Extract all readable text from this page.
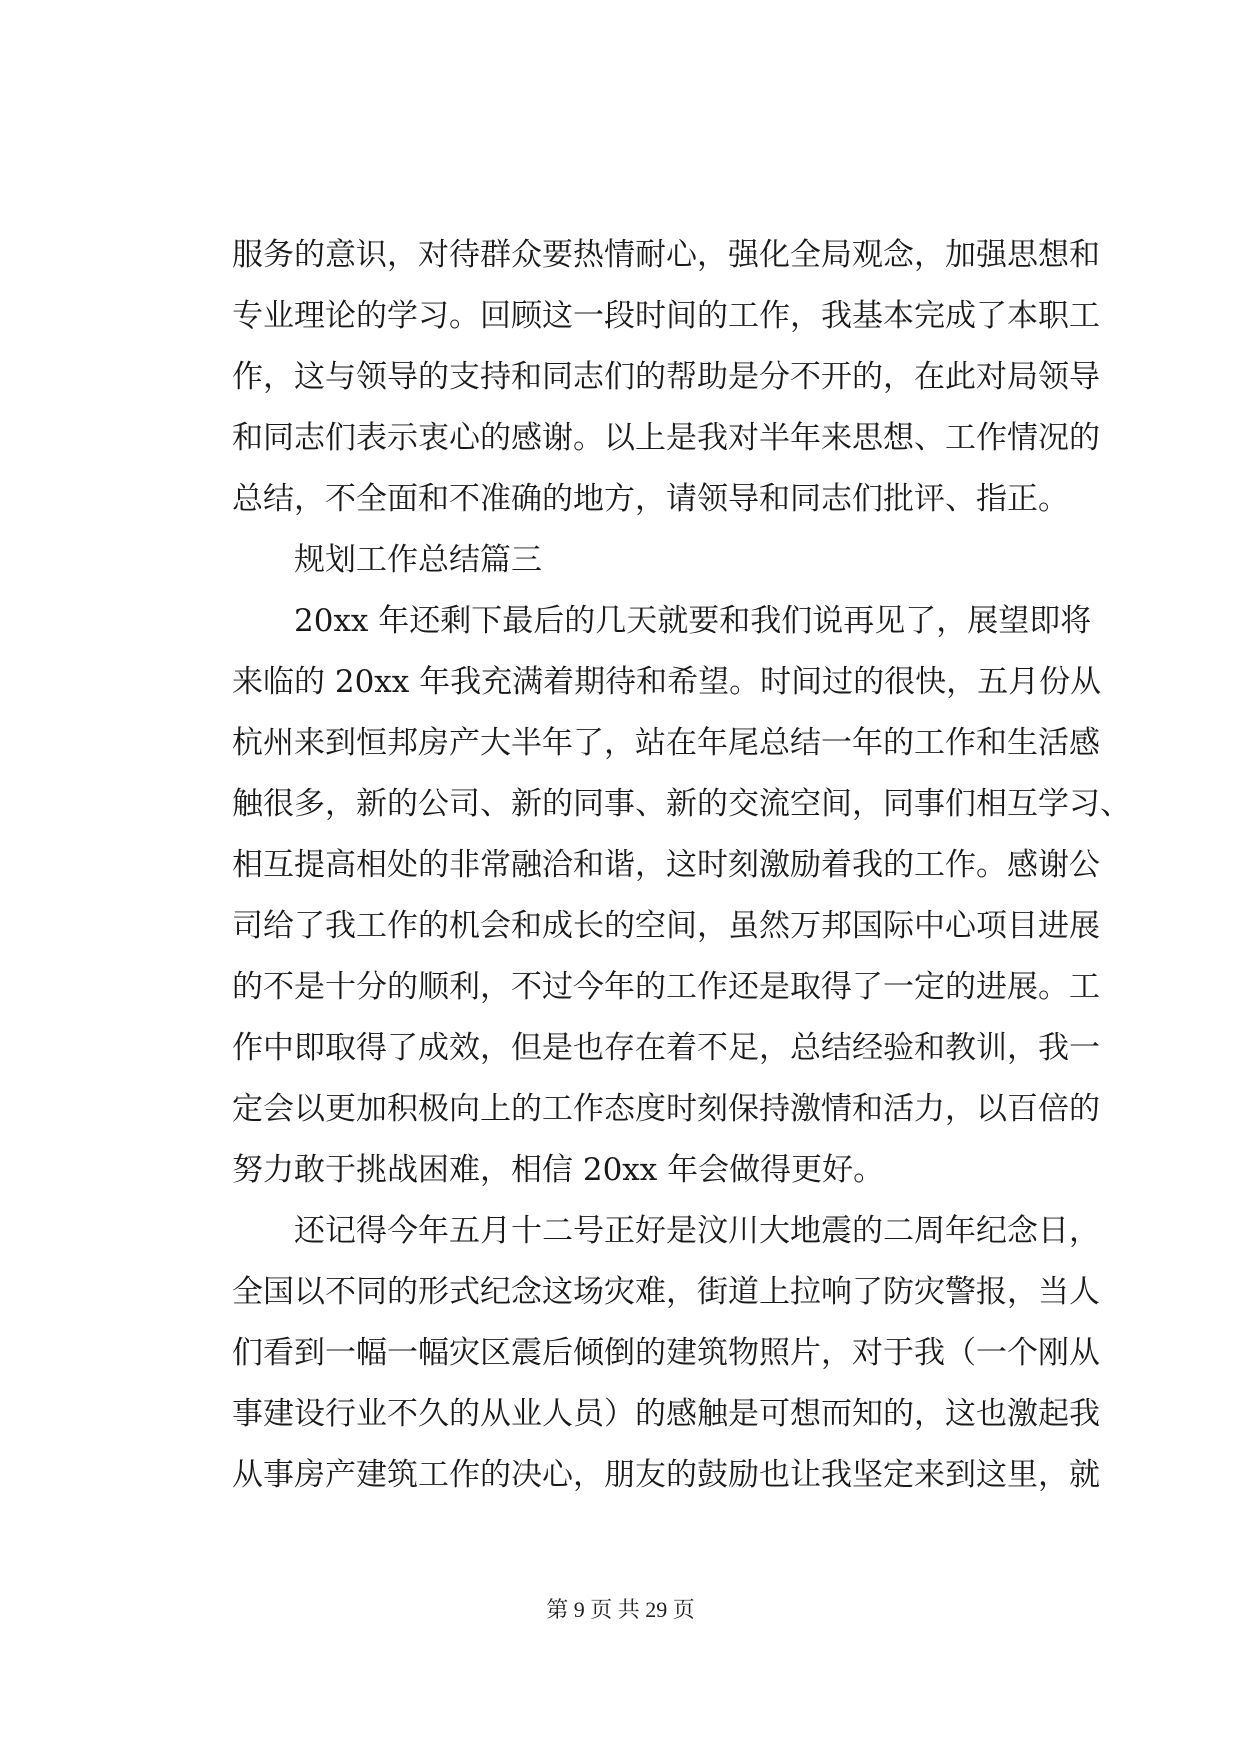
服务的意识，对待群众要热情耐心，强化全局观念，加强思想和
专业理论的学习。回顾这一段时间的工作，我基本完成了本职工
作，这与领导的支持和同志们的帮助是分不开的，在此对局领导
和同志们表示衷心的感谢。以上是我对半年来思想、工作情况的
总结，不全面和不准确的地方，请领导和同志们批评、指正。
规划工作总结篇三
20xx 年还剩下最后的几天就要和我们说再见了，展望即将
来临的 20xx 年我充满着期待和希望。时间过的很快，五月份从
杭州来到恒邦房产大半年了，站在年尾总结一年的工作和生活感
触很多，新的公司、新的同事、新的交流空间，同事们相互学习、
相互提高相处的非常融洽和谐，这时刻激励着我的工作。感谢公
司给了我工作的机会和成长的空间，虽然万邦国际中心项目进展
的不是十分的顺利，不过今年的工作还是取得了一定的进展。工
作中即取得了成效，但是也存在着不足，总结经验和教训，我一
定会以更加积极向上的工作态度时刻保持激情和活力，以百倍的
努力敢于挑战困难，相信 20xx 年会做得更好。
还记得今年五月十二号正好是汶川大地震的二周年纪念日，
全国以不同的形式纪念这场灾难，街道上拉响了防灾警报，当人
们看到一幅一幅灾区震后倾倒的建筑物照片，对于我（一个刚从
事建设行业不久的从业人员）的感触是可想而知的，这也激起我
从事房产建筑工作的决心，朋友的鼓励也让我坚定来到这里，就
第 9 页 共 29 页
